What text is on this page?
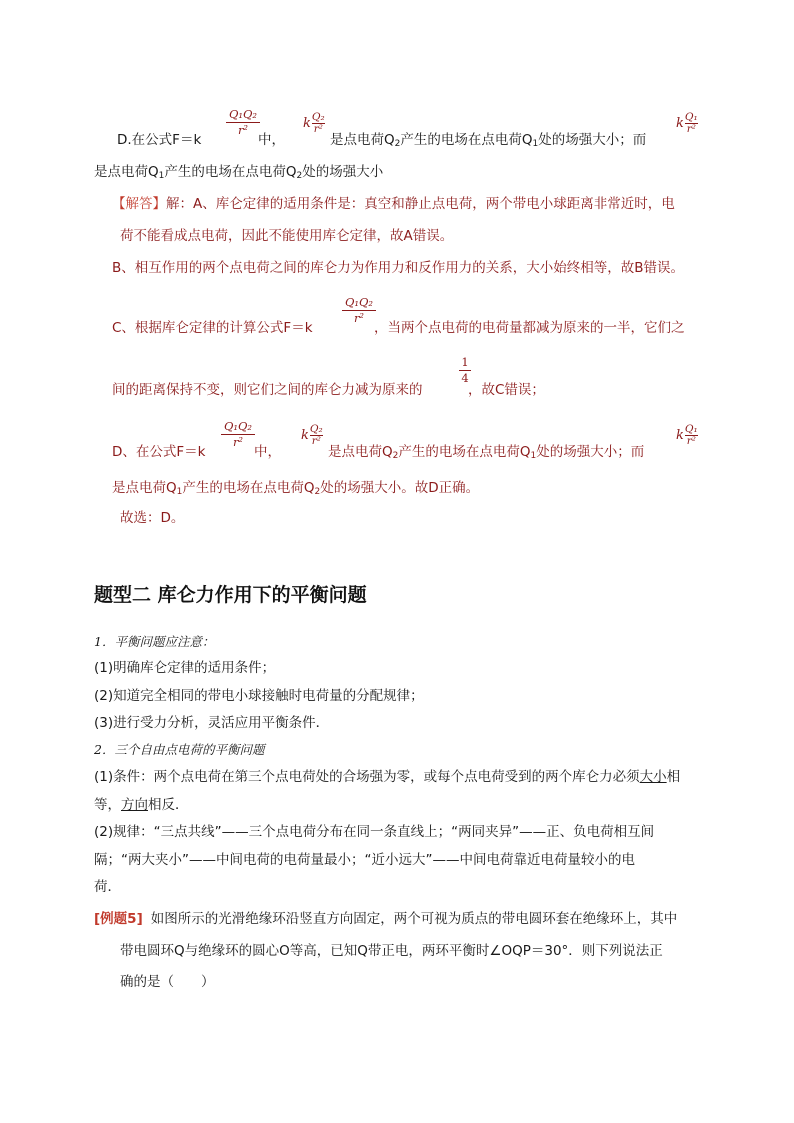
D.在公式F＝k
Q₁Q₂
r²
中，
k Q₂
r²
是点电荷$Q_2$产生的电场在点电荷$Q_1$处的场强大小；而
k Q₁
r²
是点电荷$Q_1$产生的电场在点电荷$Q_2$处的场强大小
【解答】解：A、库仑定律的适用条件是：真空和静止点电荷，两个带电小球距离非常近时，电
荷不能看成点电荷，因此不能使用库仑定律，故A错误。
B、相互作用的两个点电荷之间的库仑力为作用力和反作用力的关系，大小始终相等，故B错误。
C、根据库仑定律的计算公式F＝k
Q₁Q₂
r²
，当两个点电荷的电荷量都减为原来的一半，它们之
间的距离保持不变，则它们之间的库仑力减为原来的
1
4
，故C错误；
D、在公式F＝k
Q₁Q₂
r²
中，
k Q₂
r²
是点电荷$Q_2$产生的电场在点电荷$Q_1$处的场强大小；而
k Q₁
r²
是点电荷$Q_1$产生的电场在点电荷$Q_2$处的场强大小。故D正确。
故选：D。
题型二 库仑力作用下的平衡问题
1．平衡问题应注意：
(1)明确库仑定律的适用条件；
(2)知道完全相同的带电小球接触时电荷量的分配规律；
(3)进行受力分析，灵活应用平衡条件．
2．三个自由点电荷的平衡问题
(1)条件：两个点电荷在第三个点电荷处的合场强为零，或每个点电荷受到的两个库仑力必须大小相
等，方向相反．
(2)规律：“三点共线”——三个点电荷分布在同一条直线上；“两同夹异”——正、负电荷相互间
隔；“两大夹小”——中间电荷的电荷量最小；“近小远大”——中间电荷靠近电荷量较小的电
荷．
[例题5] 如图所示的光滑绝缘环沿竖直方向固定，两个可视为质点的带电圆环套在绝缘环上，其中
带电圆环Q与绝缘环的圆心O等高，已知Q带正电，两环平衡时∠OQP＝30°．则下列说法正
确的是（　　）
